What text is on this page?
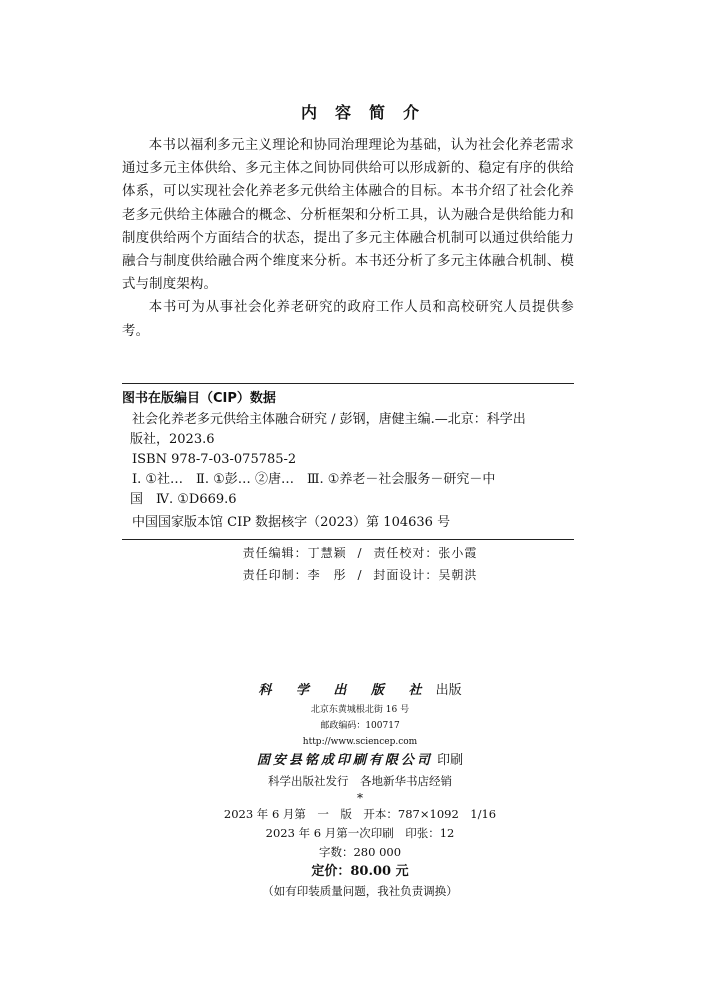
内容简介

本书以福利多元主义理论和协同治理理论为基础，认为社会化养老需求通过多元主体供给、多元主体之间协同供给可以形成新的、稳定有序的供给体系，可以实现社会化养老多元供给主体融合的目标。本书介绍了社会化养老多元供给主体融合的概念、分析框架和分析工具，认为融合是供给能力和制度供给两个方面结合的状态，提出了多元主体融合机制可以通过供给能力融合与制度供给融合两个维度来分析。本书还分析了多元主体融合机制、模式与制度架构。

本书可为从事社会化养老研究的政府工作人员和高校研究人员提供参考。

图书在版编目（CIP）数据
社会化养老多元供给主体融合研究 / 彭钢，唐健主编.—北京：科学出
版社，2023.6
ISBN 978-7-03-075785-2
Ⅰ. ①社…　Ⅱ. ①彭… ②唐…　Ⅲ. ①养老－社会服务－研究－中
国　Ⅳ. ①D669.6
中国国家版本馆 CIP 数据核字（2023）第 104636 号
责任编辑：丁慧颖 / 责任校对：张小霞
责任印制：李　彤 / 封面设计：吴朝洪
科 学 出 版 社 出版
北京东黄城根北街 16 号
邮政编码：100717
http://www.sciencep.com
固安县铭成印刷有限公司 印刷
科学出版社发行　各地新华书店经销
*
2023 年 6 月第　一　版　开本：787×1092　1/16
2023 年 6 月第一次印刷　印张：12
字数：280 000
定价：80.00 元
（如有印装质量问题，我社负责调换）
